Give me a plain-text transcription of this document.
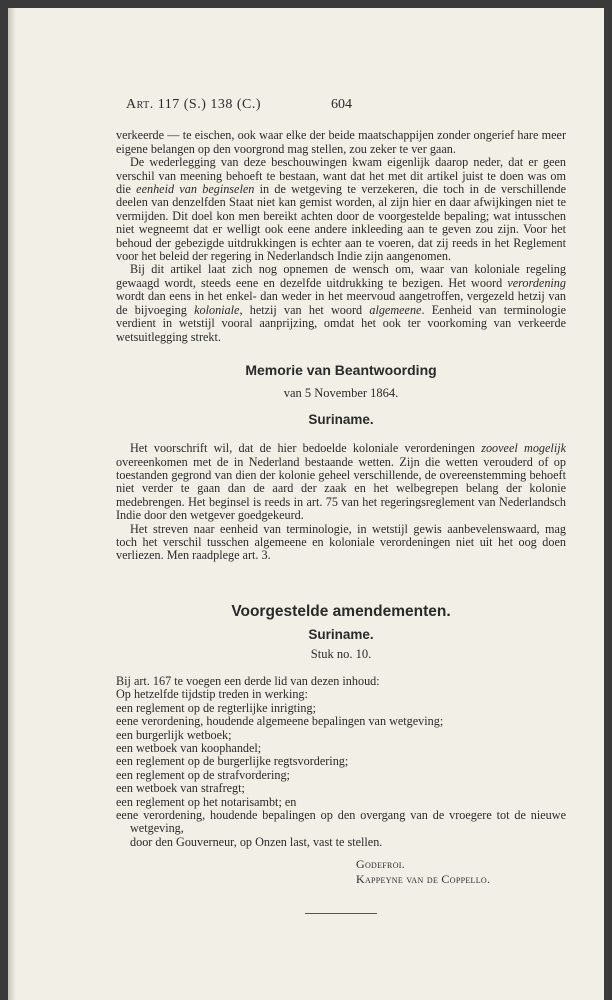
Art. 117 (S.) 138 (C.)	604

verkeerde — te eischen, ook waar elke der beide maatschappijen zonder ongerief hare meer eigene belangen op den voorgrond mag stellen, zou zeker te ver gaan.

De wederlegging van deze beschouwingen kwam eigenlijk daarop neder, dat er geen verschil van meening behoeft te bestaan, want dat het met dit artikel juist te doen was om die eenheid van beginselen in de wetgeving te verzekeren, die toch in de verschillende deelen van denzelfden Staat niet kan gemist worden, al zijn hier en daar afwijkingen niet te vermijden. Dit doel kon men bereikt achten door de voorgestelde bepaling; wat intusschen niet wegneemt dat er welligt ook eene andere inkleeding aan te geven zou zijn. Voor het behoud der gebezigde uitdrukkingen is echter aan te voeren, dat zij reeds in het Reglement voor het beleid der regering in Nederlandsch Indie zijn aangenomen.

Bij dit artikel laat zich nog opnemen de wensch om, waar van koloniale regeling gewaagd wordt, steeds eene en dezelfde uitdrukking te bezigen. Het woord verordening wordt dan eens in het enkel- dan weder in het meervoud aangetroffen, vergezeld hetzij van de bijvoeging koloniale, hetzij van het woord algemeene. Eenheid van terminologie verdient in wetstijl vooral aanprijzing, omdat het ook ter voorkoming van verkeerde wetsuitlegging strekt.

Memorie van Beantwoording
van 5 November 1864.
Suriname.

Het voorschrift wil, dat de hier bedoelde koloniale verordeningen zooveel mogelijk overeenkomen met de in Nederland bestaande wetten. Zijn die wetten verouderd of op toestanden gegrond van dien der kolonie geheel verschillende, de overeenstemming behoeft niet verder te gaan dan de aard der zaak en het welbegrepen belang der kolonie medebrengen. Het beginsel is reeds in art. 75 van het regeringsreglement van Nederlandsch Indie door den wetgever goedgekeurd.

Het streven naar eenheid van terminologie, in wetstijl gewis aanbevelenswaard, mag toch het verschil tusschen algemeene en koloniale verordeningen niet uit het oog doen verliezen. Men raadplege art. 3.

Voorgestelde amendementen.
Suriname.
Stuk no. 10.
Bij art. 167 te voegen een derde lid van dezen inhoud:
Op hetzelfde tijdstip treden in werking:
een reglement op de regterlijke inrigting;
eene verordening, houdende algemeene bepalingen van wetgeving;
een burgerlijk wetboek;
een wetboek van koophandel;
een reglement op de burgerlijke regtsvordering;
een reglement op de strafvordering;
een wetboek van strafregt;
een reglement op het notarisambt; en
eene verordening, houdende bepalingen op den overgang van de vroegere tot de nieuwe wetgeving,
door den Gouverneur, op Onzen last, vast te stellen.
Godefroi.
Kappeyne van de Coppello.
